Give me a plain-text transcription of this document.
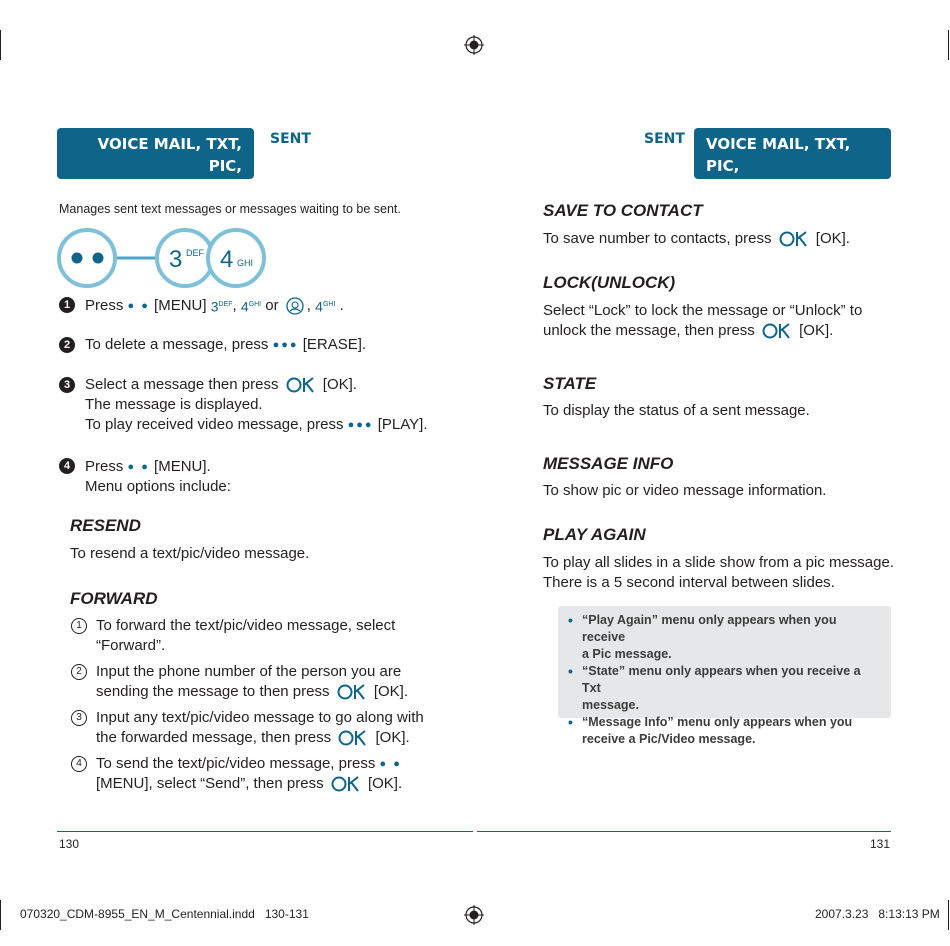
VOICE MAIL, TXT, PIC,
VIDEO MESSAGING
SENT
Manages sent text messages or messages waiting to be sent.
3 DEF 4 GHI
1 Press ● ● [MENU] $3^{DEF}$, $4^{GHI}$ or , $4^{GHI}$ .
2 To delete a message, press ●●● [ERASE].
3 Select a message then press	[OK].
The message is displayed.
To play received video message, press ●●● [PLAY].
4 Press ● ● [MENU].
Menu options include:
RESEND
To resend a text/pic/video message.
FORWARD
1 To forward the text/pic/video message, select
“Forward”.
2 Input the phone number of the person you are
sending the message to then press	[OK].
3 Input any text/pic/video message to go along with
the forwarded message, then press	[OK].
4 To send the text/pic/video message, press ● ●
[MENU], select “Send”, then press	[OK].
SENT VOICE MAIL, TXT, PIC,
VIDEO MESSAGING
SAVE TO CONTACT
To save number to contacts, press	[OK].
LOCK(UNLOCK)
Select “Lock” to lock the message or “Unlock” to
unlock the message, then press	[OK].
STATE
To display the status of a sent message.
MESSAGE INFO
To show pic or video message information.
PLAY AGAIN
To play all slides in a slide show from a pic message.
There is a 5 second interval between slides.
• “Play Again” menu only appears when you receive
a Pic message.
• “State” menu only appears when you receive a Txt
message.
• “Message Info” menu only appears when you
receive a Pic/Video message.
130	131
070320_CDM-8955_EN_M_Centennial.indd   130-131	2007.3.23   8:13:13 PM
